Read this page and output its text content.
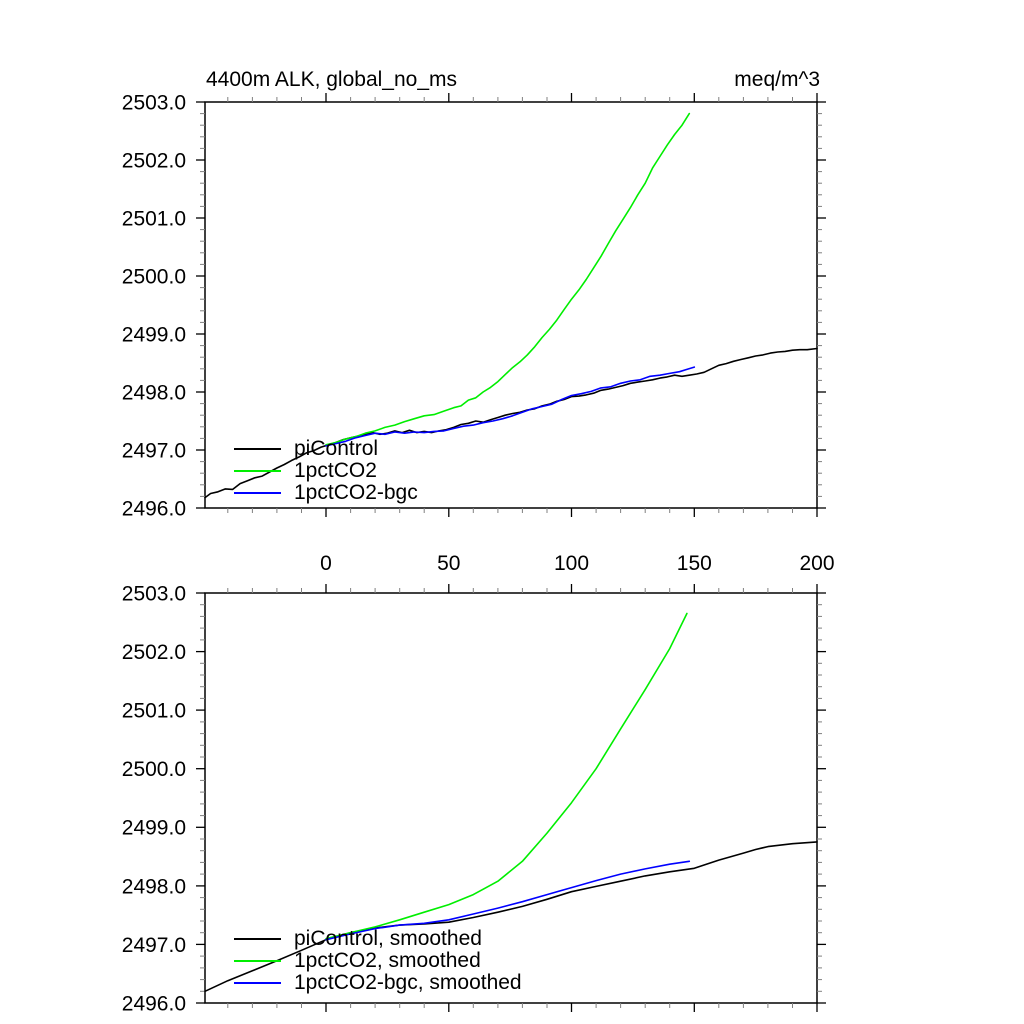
2496.0
2497.0
2498.0
2499.0
2500.0
2501.0
2502.0
2503.0
0	50	100	150	200
2496.0
2497.0
2498.0
2499.0
2500.0
2501.0
2502.0
2503.0
4400m ALK, global_no_ms	meq/m^3
piControl
1pctCO2
1pctCO2-bgc
piControl, smoothed
1pctCO2, smoothed
1pctCO2-bgc, smoothed
